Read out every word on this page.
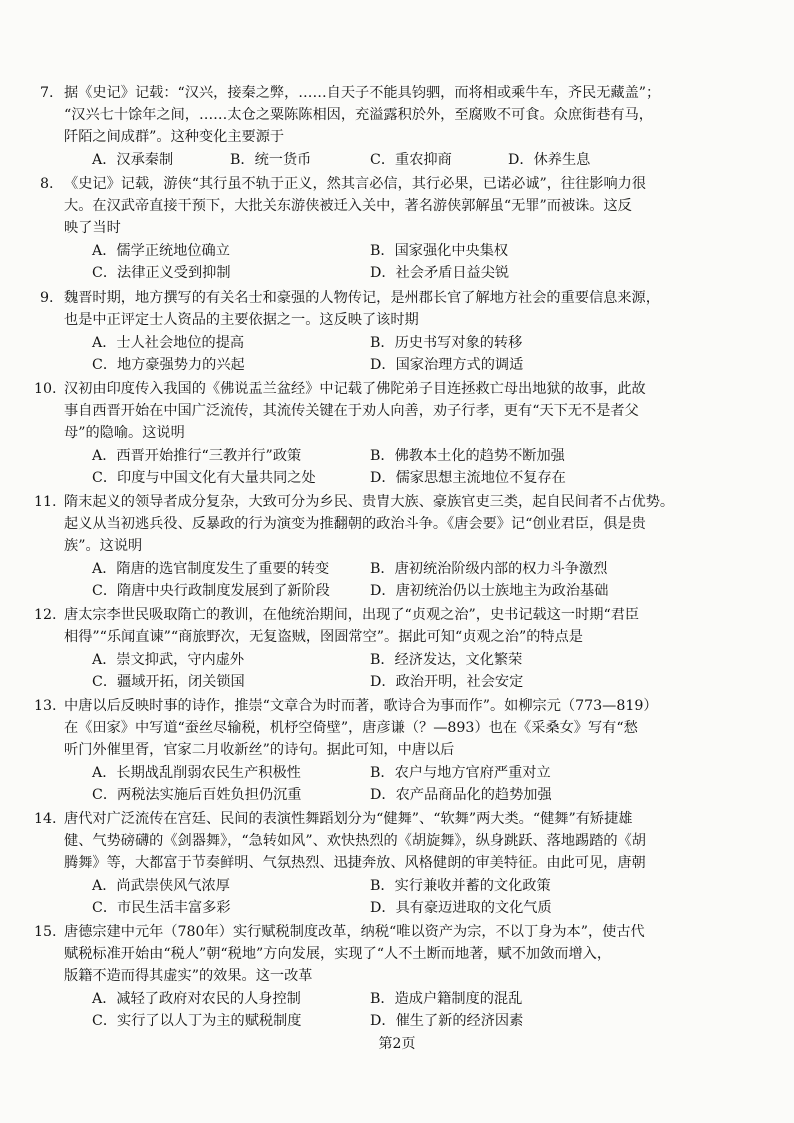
7. 据《史记》记载：“汉兴，接秦之弊，……自天子不能具钧驷，而将相或乘牛车，齐民无藏盖”；
“汉兴七十馀年之间，……太仓之粟陈陈相因，充溢露积於外，至腐败不可食。众庶街巷有马，
阡陌之间成群”。这种变化主要源于
A．汉承秦制	B．统一货币	C．重农抑商	D．休养生息
8. 《史记》记载，游侠“其行虽不轨于正义，然其言必信，其行必果，已诺必诚”，往往影响力很
大。在汉武帝直接干预下，大批关东游侠被迁入关中，著名游侠郭解虽“无罪”而被诛。这反
映了当时
A．儒学正统地位确立	B．国家强化中央集权
C．法律正义受到抑制	D．社会矛盾日益尖锐
9. 魏晋时期，地方撰写的有关名士和豪强的人物传记，是州郡长官了解地方社会的重要信息来源，
也是中正评定士人资品的主要依据之一。这反映了该时期
A．士人社会地位的提高	B．历史书写对象的转移
C．地方豪强势力的兴起	D．国家治理方式的调适
10. 汉初由印度传入我国的《佛说盂兰盆经》中记载了佛陀弟子目连拯救亡母出地狱的故事，此故
事自西晋开始在中国广泛流传，其流传关键在于劝人向善，劝子行孝，更有“天下无不是者父
母”的隐喻。这说明
A．西晋开始推行“三教并行”政策	B．佛教本土化的趋势不断加强
C．印度与中国文化有大量共同之处	D．儒家思想主流地位不复存在
11. 隋末起义的领导者成分复杂，大致可分为乡民、贵胄大族、豪族官吏三类，起自民间者不占优势。
起义从当初逃兵役、反暴政的行为演变为推翻朝的政治斗争。《唐会要》记“创业君臣，俱是贵
族”。这说明
A．隋唐的选官制度发生了重要的转变	B．唐初统治阶级内部的权力斗争激烈
C．隋唐中央行政制度发展到了新阶段	D．唐初统治仍以士族地主为政治基础
12. 唐太宗李世民吸取隋亡的教训，在他统治期间，出现了“贞观之治”，史书记载这一时期“君臣
相得”“乐闻直谏”“商旅野次，无复盗贼，囹圄常空”。据此可知“贞观之治”的特点是
A．崇文抑武，守内虚外	B．经济发达，文化繁荣
C．疆域开拓，闭关锁国	D．政治开明，社会安定
13. 中唐以后反映时事的诗作，推崇“文章合为时而著，歌诗合为事而作”。如柳宗元（773—819）
在《田家》中写道“蚕丝尽输税，机杼空倚壁”，唐彦谦（？—893）也在《采桑女》写有“愁
听门外催里胥，官家二月收新丝”的诗句。据此可知，中唐以后
A．长期战乱削弱农民生产积极性	B．农户与地方官府严重对立
C．两税法实施后百姓负担仍沉重	D．农产品商品化的趋势加强
14. 唐代对广泛流传在宫廷、民间的表演性舞蹈划分为“健舞”、“软舞”两大类。“健舞”有矫捷雄
健、气势磅礴的《剑器舞》，“急转如风”、欢快热烈的《胡旋舞》，纵身跳跃、落地踢踏的《胡
腾舞》等，大都富于节奏鲜明、气氛热烈、迅捷奔放、风格健朗的审美特征。由此可见，唐朝
A．尚武崇侠风气浓厚	B．实行兼收并蓄的文化政策
C．市民生活丰富多彩	D．具有豪迈进取的文化气质
15. 唐德宗建中元年（780年）实行赋税制度改革，纳税“唯以资产为宗，不以丁身为本”，使古代
赋税标准开始由“税人”朝“税地”方向发展，实现了“人不土断而地著，赋不加敛而增入，
版籍不造而得其虚实”的效果。这一改革
A．减轻了政府对农民的人身控制	B．造成户籍制度的混乱
C．实行了以人丁为主的赋税制度	D．催生了新的经济因素
第2页
